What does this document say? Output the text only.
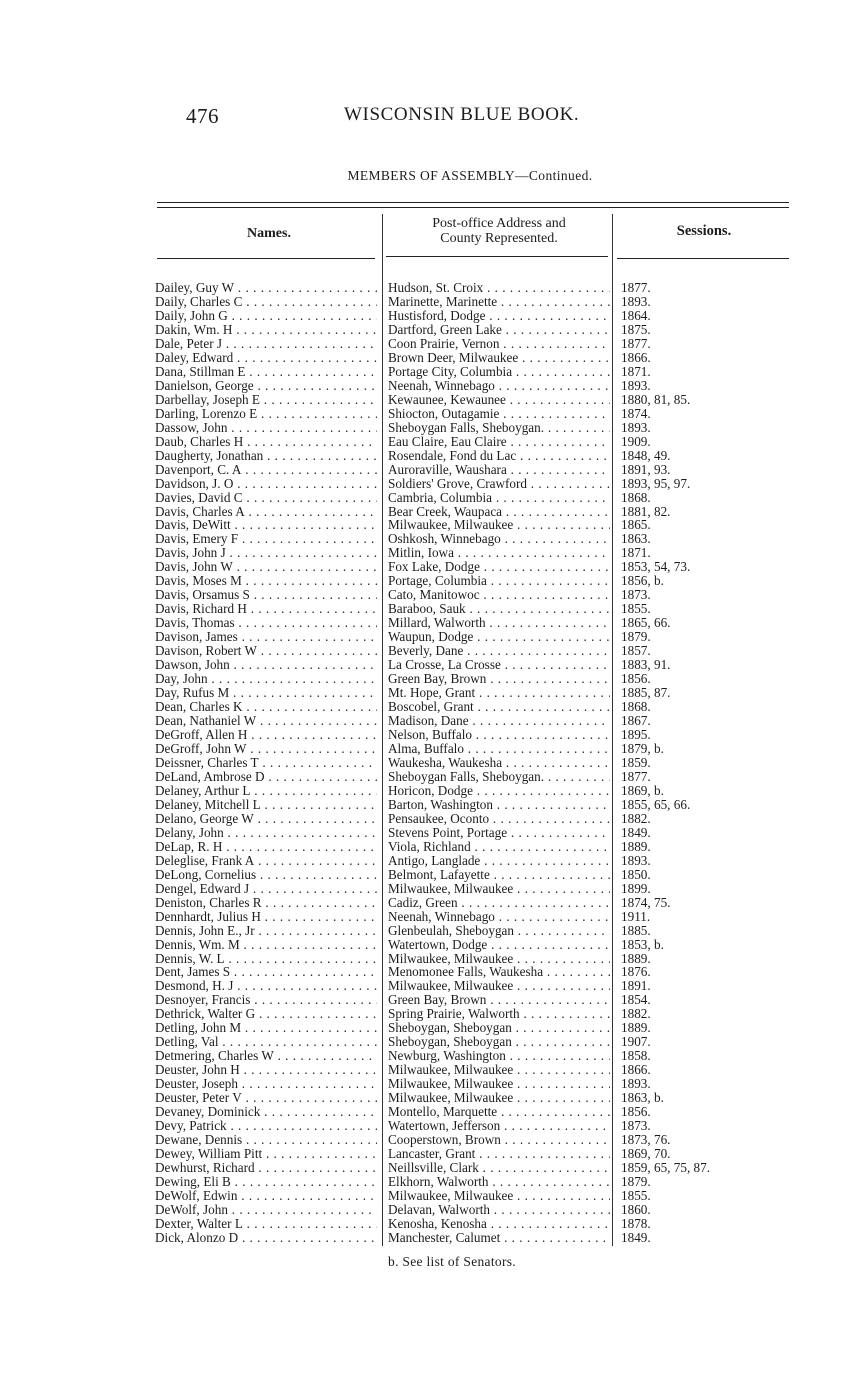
476	WISCONSIN BLUE BOOK.
MEMBERS OF ASSEMBLY—Continued.
Names.
Post-office Address and
County Represented.	Sessions.
Dailey, Guy W . . .	Hudson, St. Croix . . .	1877.
Daily, Charles C . . .	Marinette, Marinette . . .	1893.
Daily, John G . . .	Hustisford, Dodge . . .	1864.
Dakin, Wm. H . . .	Dartford, Green Lake . . .	1875.
Dale, Peter J . . .	Coon Prairie, Vernon . . .	1877.
Daley, Edward . . .	Brown Deer, Milwaukee . . .	1866.
Dana, Stillman E . . .	Portage City, Columbia . . .	1871.
Danielson, George . . .	Neenah, Winnebago . . .	1893.
Darbellay, Joseph E . . .	Kewaunee, Kewaunee . . .	1880, 81, 85.
Darling, Lorenzo E . . .	Shiocton, Outagamie . . .	1874.
Dassow, John . . .	Sheboygan Falls, Sheboygan. . . .	1893.
Daub, Charles H . . .	Eau Claire, Eau Claire . . .	1909.
Daugherty, Jonathan . . .	Rosendale, Fond du Lac . . .	1848, 49.
Davenport, C. A . . .	Auroraville, Waushara . . .	1891, 93.
Davidson, J. O . . .	Soldiers' Grove, Crawford . . .	1893, 95, 97.
Davies, David C . . .	Cambria, Columbia . . .	1868.
Davis, Charles A . . .	Bear Creek, Waupaca . . .	1881, 82.
Davis, DeWitt . . .	Milwaukee, Milwaukee . . .	1865.
Davis, Emery F . . .	Oshkosh, Winnebago . . .	1863.
Davis, John J . . .	Mitlin, Iowa . . .	1871.
Davis, John W . . .	Fox Lake, Dodge . . .	1853, 54, 73.
Davis, Moses M . . .	Portage, Columbia . . .	1856, b.
Davis, Orsamus S . . .	Cato, Manitowoc . . .	1873.
Davis, Richard H . . .	Baraboo, Sauk . . .	1855.
Davis, Thomas . . .	Millard, Walworth . . .	1865, 66.
Davison, James . . .	Waupun, Dodge . . .	1879.
Davison, Robert W . . .	Beverly, Dane . . .	1857.
Dawson, John . . .	La Crosse, La Crosse . . .	1883, 91.
Day, John . . .	Green Bay, Brown . . .	1856.
Day, Rufus M . . .	Mt. Hope, Grant . . .	1885, 87.
Dean, Charles K . . .	Boscobel, Grant . . .	1868.
Dean, Nathaniel W . . .	Madison, Dane . . .	1867.
DeGroff, Allen H . . .	Nelson, Buffalo . . .	1895.
DeGroff, John W . . .	Alma, Buffalo . . .	1879, b.
Deissner, Charles T . . .	Waukesha, Waukesha . . .	1859.
DeLand, Ambrose D . . .	Sheboygan Falls, Sheboygan. . . .	1877.
Delaney, Arthur L . . .	Horicon, Dodge . . .	1869, b.
Delaney, Mitchell L . . .	Barton, Washington . . .	1855, 65, 66.
Delano, George W . . .	Pensaukee, Oconto . . .	1882.
Delany, John . . .	Stevens Point, Portage . . .	1849.
DeLap, R. H . . .	Viola, Richland . . .	1889.
Deleglise, Frank A . . .	Antigo, Langlade . . .	1893.
DeLong, Cornelius . . .	Belmont, Lafayette . . .	1850.
Dengel, Edward J . . .	Milwaukee, Milwaukee . . .	1899.
Deniston, Charles R . . .	Cadiz, Green . . .	1874, 75.
Dennhardt, Julius H . . .	Neenah, Winnebago . . .	1911.
Dennis, John E., Jr . . .	Glenbeulah, Sheboygan . . .	1885.
Dennis, Wm. M . . .	Watertown, Dodge . . .	1853, b.
Dennis, W. L . . .	Milwaukee, Milwaukee . . .	1889.
Dent, James S . . .	Menomonee Falls, Waukesha . . .	1876.
Desmond, H. J . . .	Milwaukee, Milwaukee . . .	1891.
Desnoyer, Francis . . .	Green Bay, Brown . . .	1854.
Dethrick, Walter G . . .	Spring Prairie, Walworth . . .	1882.
Detling, John M . . .	Sheboygan, Sheboygan . . .	1889.
Detling, Val . . .	Sheboygan, Sheboygan . . .	1907.
Detmering, Charles W . . .	Newburg, Washington . . .	1858.
Deuster, John H . . .	Milwaukee, Milwaukee . . .	1866.
Deuster, Joseph . . .	Milwaukee, Milwaukee . . .	1893.
Deuster, Peter V . . .	Milwaukee, Milwaukee . . .	1863, b.
Devaney, Dominick . . .	Montello, Marquette . . .	1856.
Devy, Patrick . . .	Watertown, Jefferson . . .	1873.
Dewane, Dennis . . .	Cooperstown, Brown . . .	1873, 76.
Dewey, William Pitt . . .	Lancaster, Grant . . .	1869, 70.
Dewhurst, Richard . . .	Neillsville, Clark . . .	1859, 65, 75, 87.
Dewing, Eli B . . .	Elkhorn, Walworth . . .	1879.
DeWolf, Edwin . . .	Milwaukee, Milwaukee . . .	1855.
DeWolf, John . . .	Delavan, Walworth . . .	1860.
Dexter, Walter L . . .	Kenosha, Kenosha . . .	1878.
Dick, Alonzo D . . .	Manchester, Calumet . . .	1849.
b. See list of Senators.
